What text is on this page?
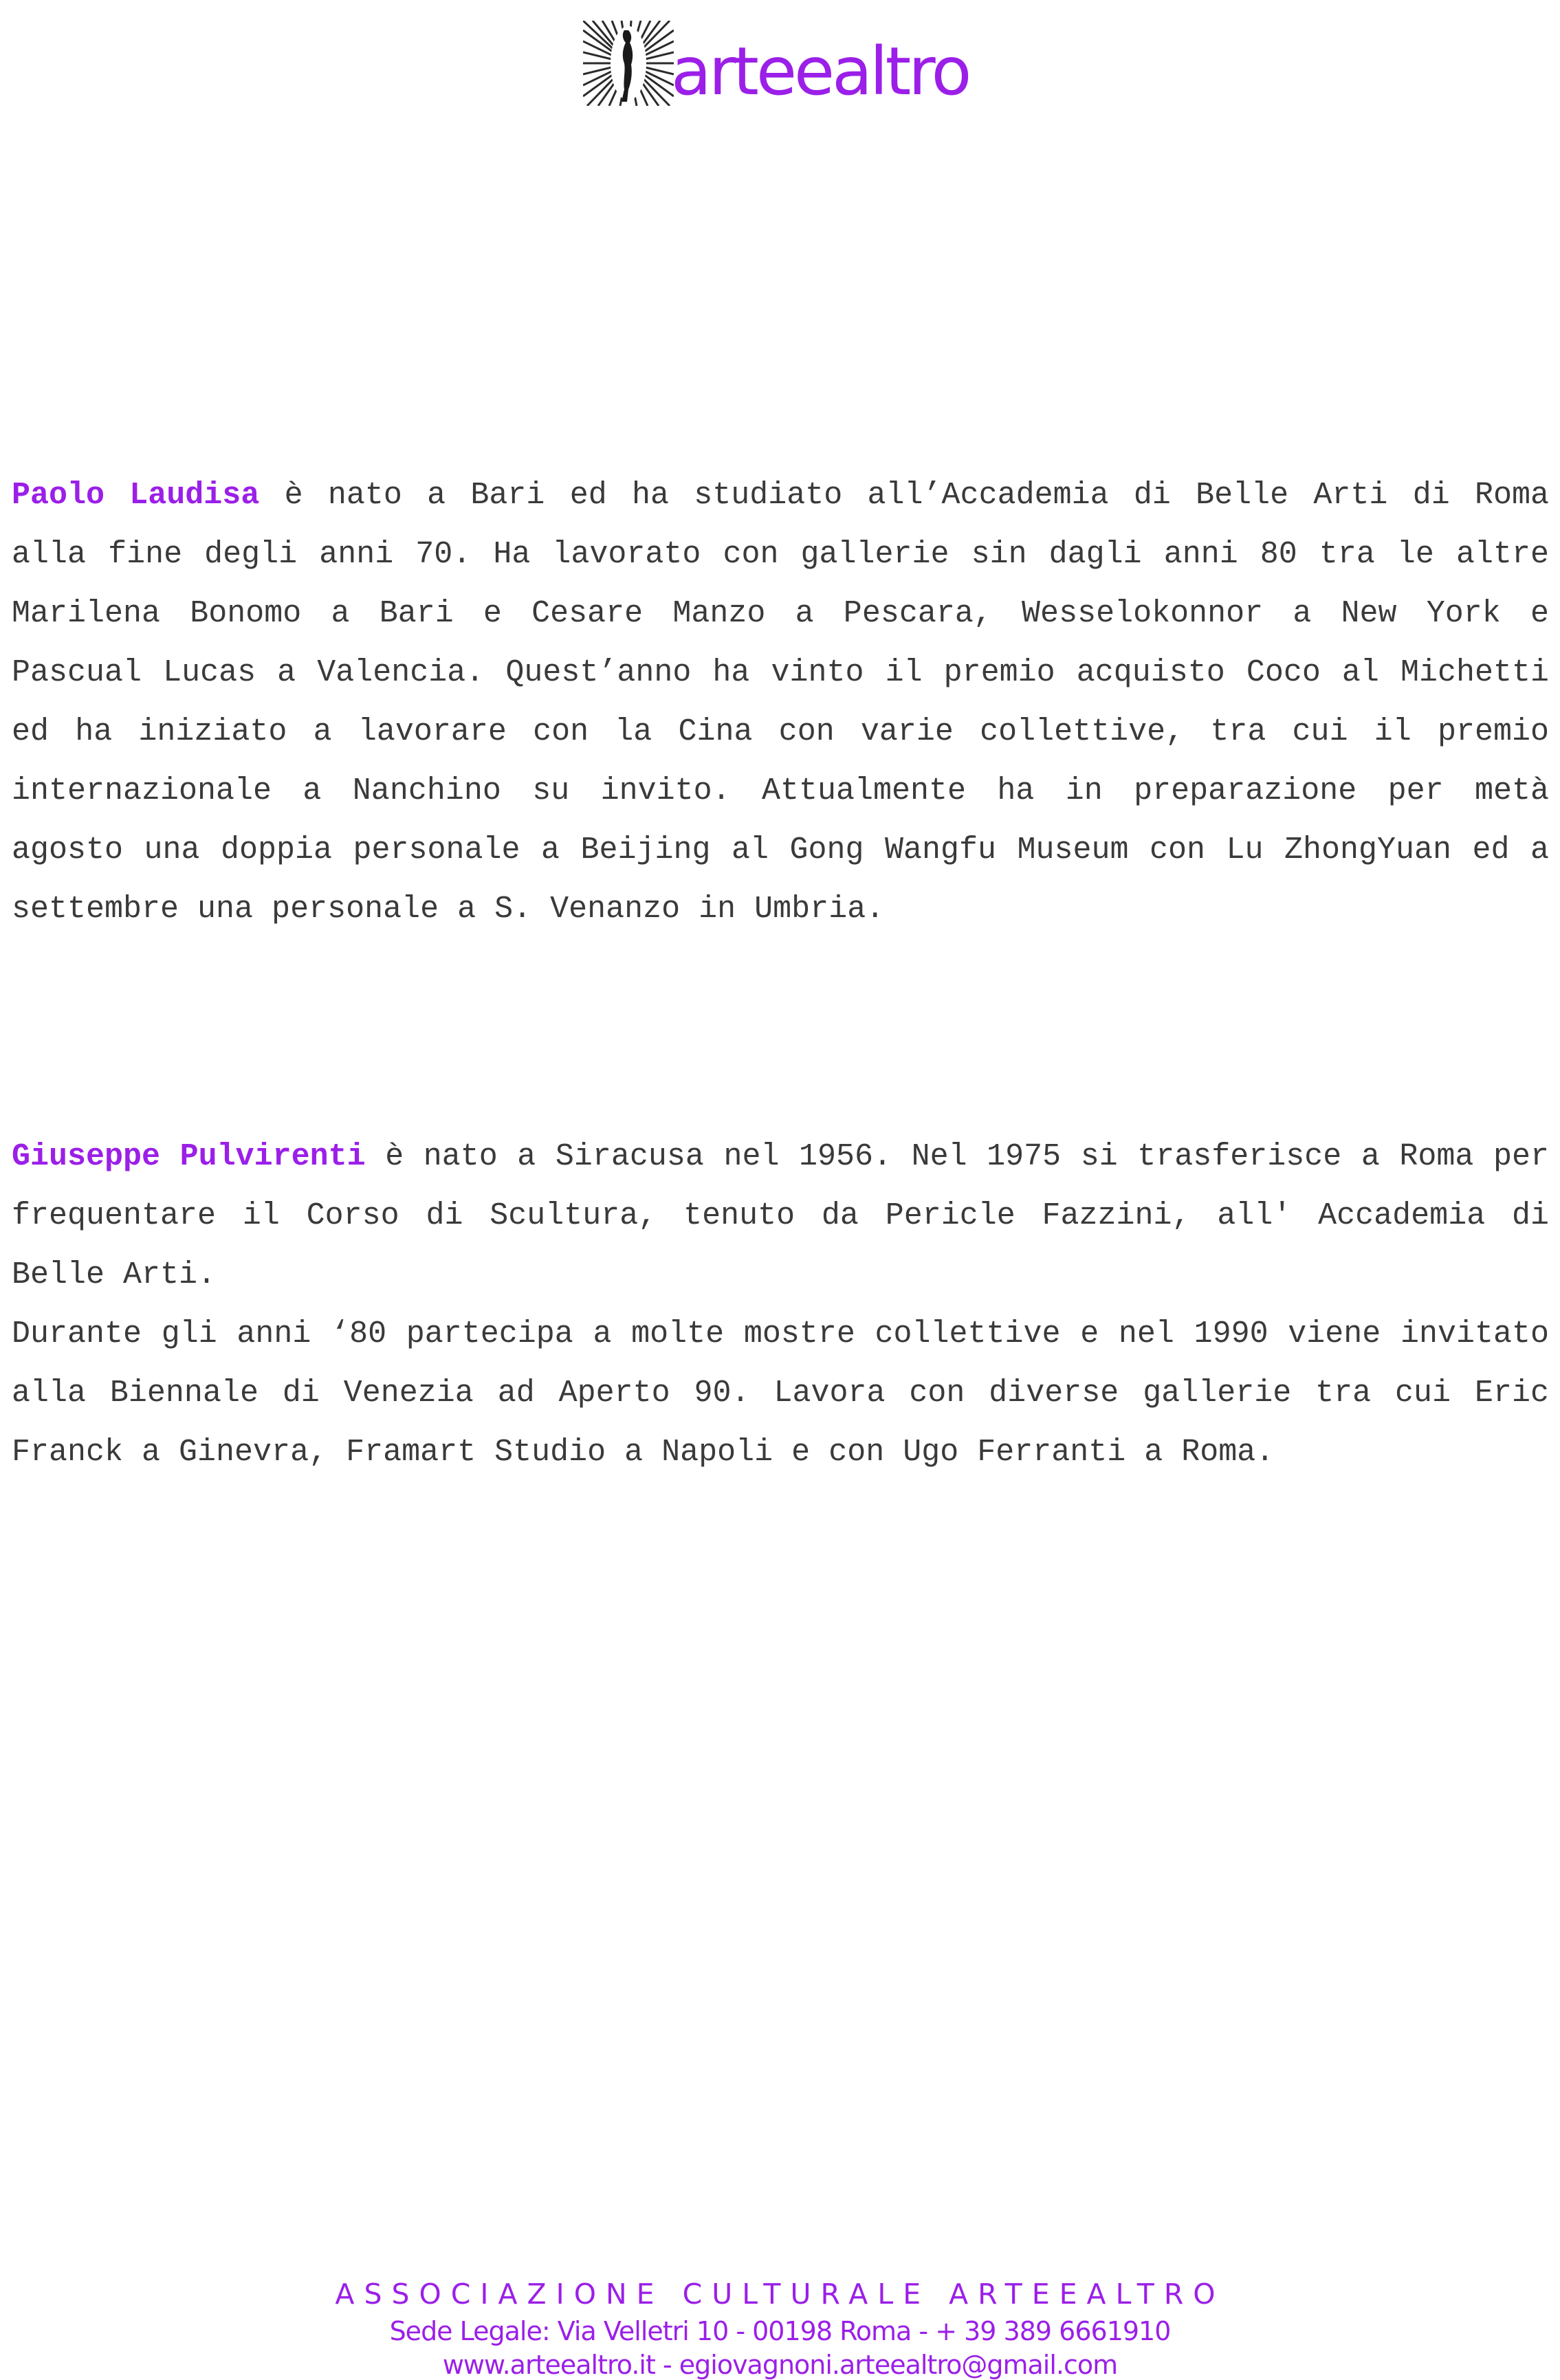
arteealtro

Paolo Laudisa è nato a Bari ed ha studiato all’Accademia di Belle Arti di Roma alla fine degli anni 70. Ha lavorato con gallerie sin dagli anni 80 tra le altre Marilena Bonomo a Bari e Cesare Manzo a Pescara, Wesselokonnor a New York e Pascual Lucas a Valencia. Quest’anno ha vinto il premio acquisto Coco al Michetti ed ha iniziato a lavorare con la Cina con varie collettive, tra cui il premio internazionale a Nanchino su invito. Attualmente ha in preparazione per metà agosto una doppia personale a Beijing al Gong Wangfu Museum con Lu ZhongYuan ed a settembre una personale a S. Venanzo in Umbria.

Giuseppe Pulvirenti è nato a Siracusa nel 1956. Nel 1975 si trasferisce a Roma per frequentare il Corso di Scultura, tenuto da Pericle Fazzini, all' Accademia di Belle Arti.

Durante gli anni ‘80 partecipa a molte mostre collettive e nel 1990 viene invitato alla Biennale di Venezia ad Aperto 90. Lavora con diverse gallerie tra cui Eric Franck a Ginevra, Framart Studio a Napoli e con Ugo Ferranti a Roma.

ASSOCIAZIONE CULTURALE ARTEEALTRO
Sede Legale: Via Velletri 10 - 00198 Roma - + 39 389 6661910
www.arteealtro.it - egiovagnoni.arteealtro@gmail.com
